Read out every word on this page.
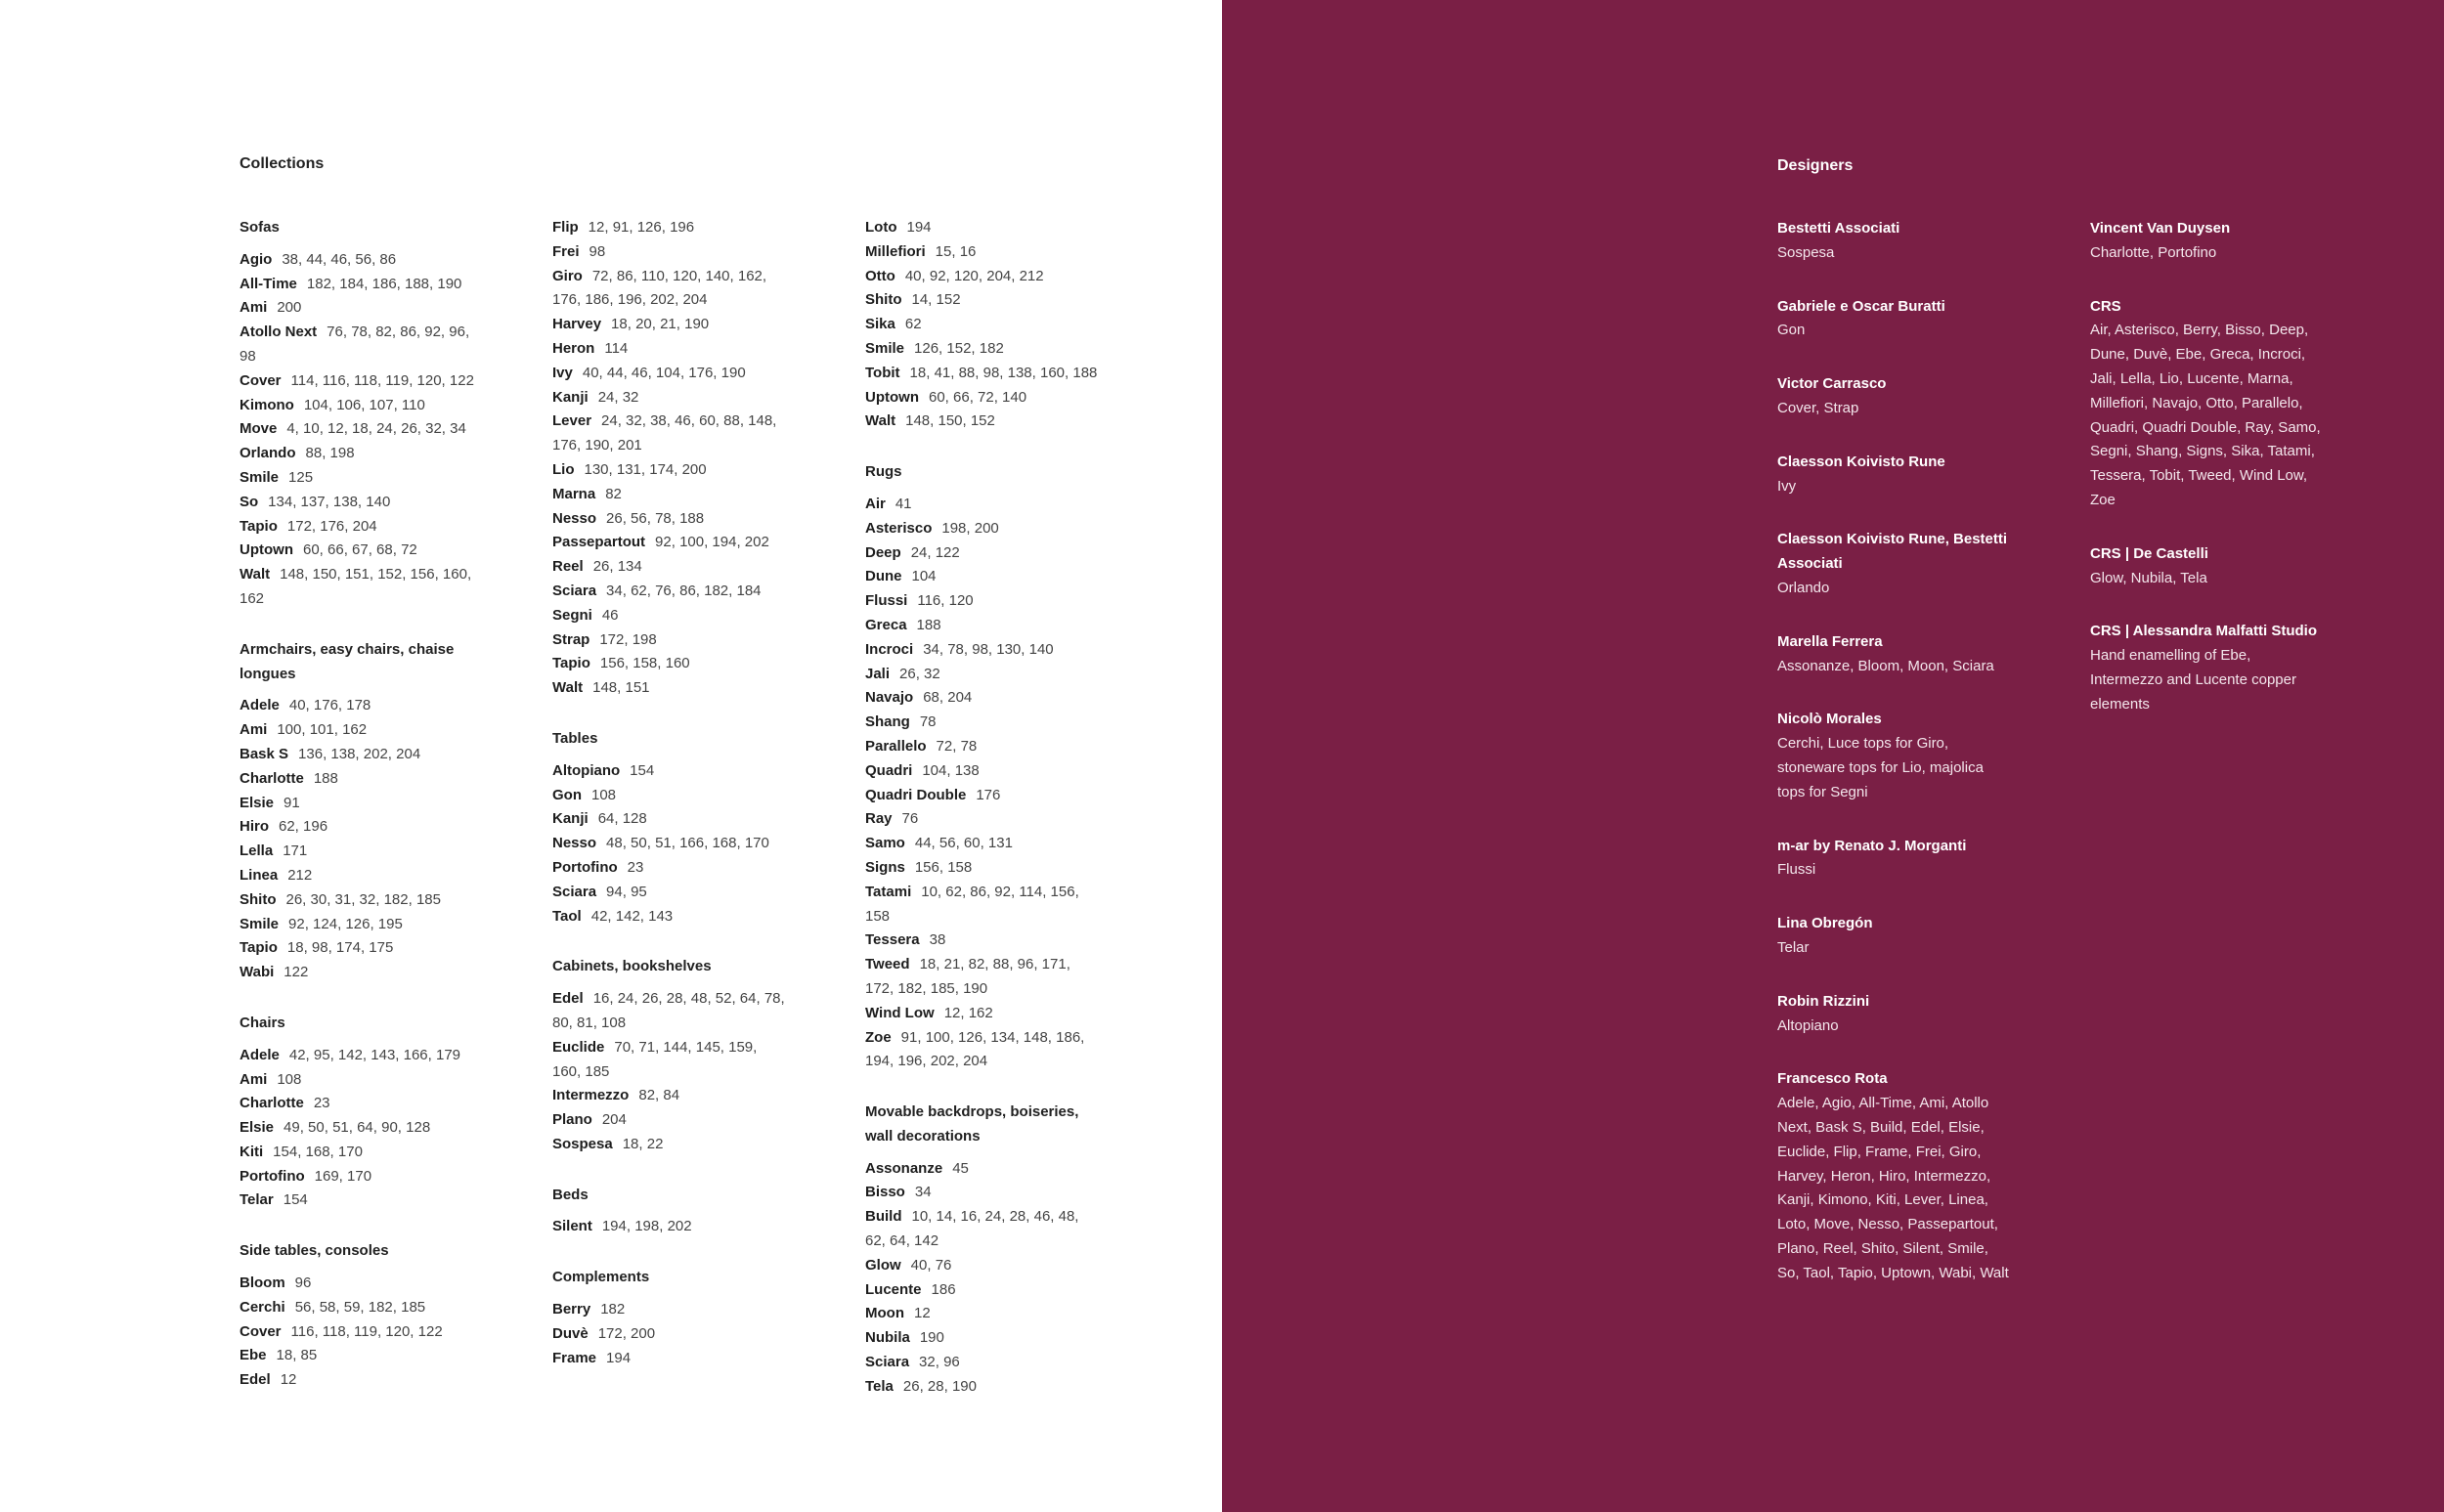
Collections
Sofas
Agio 38, 44, 46, 56, 86
All-Time 182, 184, 186, 188, 190
Ami 200
Atollo Next 76, 78, 82, 86, 92, 96, 98
Cover 114, 116, 118, 119, 120, 122
Kimono 104, 106, 107, 110
Move 4, 10, 12, 18, 24, 26, 32, 34
Orlando 88, 198
Smile 125
So 134, 137, 138, 140
Tapio 172, 176, 204
Uptown 60, 66, 67, 68, 72
Walt 148, 150, 151, 152, 156, 160, 162
Armchairs, easy chairs, chaise longues
Adele 40, 176, 178
Ami 100, 101, 162
Bask S 136, 138, 202, 204
Charlotte 188
Elsie 91
Hiro 62, 196
Lella 171
Linea 212
Shito 26, 30, 31, 32, 182, 185
Smile 92, 124, 126, 195
Tapio 18, 98, 174, 175
Wabi 122
Chairs
Adele 42, 95, 142, 143, 166, 179
Ami 108
Charlotte 23
Elsie 49, 50, 51, 64, 90, 128
Kiti 154, 168, 170
Portofino 169, 170
Telar 154
Side tables, consoles
Bloom 96
Cerchi 56, 58, 59, 182, 185
Cover 116, 118, 119, 120, 122
Ebe 18, 85
Edel 12
Flip 12, 91, 126, 196
Frei 98
Giro 72, 86, 110, 120, 140, 162, 176, 186, 196, 202, 204
Harvey 18, 20, 21, 190
Heron 114
Ivy 40, 44, 46, 104, 176, 190
Kanji 24, 32
Lever 24, 32, 38, 46, 60, 88, 148, 176, 190, 201
Lio 130, 131, 174, 200
Marna 82
Nesso 26, 56, 78, 188
Passepartout 92, 100, 194, 202
Reel 26, 134
Sciara 34, 62, 76, 86, 182, 184
Segni 46
Strap 172, 198
Tapio 156, 158, 160
Walt 148, 151
Tables
Altopiano 154
Gon 108
Kanji 64, 128
Nesso 48, 50, 51, 166, 168, 170
Portofino 23
Sciara 94, 95
Taol 42, 142, 143
Cabinets, bookshelves
Edel 16, 24, 26, 28, 48, 52, 64, 78, 80, 81, 108
Euclide 70, 71, 144, 145, 159, 160, 185
Intermezzo 82, 84
Plano 204
Sospesa 18, 22
Beds
Silent 194, 198, 202
Complements
Berry 182
Duvè 172, 200
Frame 194
Loto 194
Millefiori 15, 16
Otto 40, 92, 120, 204, 212
Shito 14, 152
Sika 62
Smile 126, 152, 182
Tobit 18, 41, 88, 98, 138, 160, 188
Uptown 60, 66, 72, 140
Walt 148, 150, 152
Rugs
Air 41
Asterisco 198, 200
Deep 24, 122
Dune 104
Flussi 116, 120
Greca 188
Incroci 34, 78, 98, 130, 140
Jali 26, 32
Navajo 68, 204
Shang 78
Parallelo 72, 78
Quadri 104, 138
Quadri Double 176
Ray 76
Samo 44, 56, 60, 131
Signs 156, 158
Tatami 10, 62, 86, 92, 114, 156, 158
Tessera 38
Tweed 18, 21, 82, 88, 96, 171, 172, 182, 185, 190
Wind Low 12, 162
Zoe 91, 100, 126, 134, 148, 186, 194, 196, 202, 204
Movable backdrops, boiseries, wall decorations
Assonanze 45
Bisso 34
Build 10, 14, 16, 24, 28, 46, 48, 62, 64, 142
Glow 40, 76
Lucente 186
Moon 12
Nubila 190
Sciara 32, 96
Tela 26, 28, 190
Designers
Bestetti Associati
Sospesa
Gabriele e Oscar Buratti
Gon
Victor Carrasco
Cover, Strap
Claesson Koivisto Rune
Ivy
Claesson Koivisto Rune, Bestetti Associati
Orlando
Marella Ferrera
Assonanze, Bloom, Moon, Sciara
Nicolò Morales
Cerchi, Luce tops for Giro, stoneware tops for Lio, majolica tops for Segni
m-ar by Renato J. Morganti
Flussi
Lina Obregón
Telar
Robin Rizzini
Altopiano
Francesco Rota
Adele, Agio, All-Time, Ami, Atollo Next, Bask S, Build, Edel, Elsie, Euclide, Flip, Frame, Frei, Giro, Harvey, Heron, Hiro, Intermezzo, Kanji, Kimono, Kiti, Lever, Linea, Loto, Move, Nesso, Passepartout, Plano, Reel, Shito, Silent, Smile, So, Taol, Tapio, Uptown, Wabi, Walt
Vincent Van Duysen
Charlotte, Portofino
CRS
Air, Asterisco, Berry, Bisso, Deep, Dune, Duvè, Ebe, Greca, Incroci, Jali, Lella, Lio, Lucente, Marna, Millefiori, Navajo, Otto, Parallelo, Quadri, Quadri Double, Ray, Samo, Segni, Shang, Signs, Sika, Tatami, Tessera, Tobit, Tweed, Wind Low, Zoe
CRS | De Castelli
Glow, Nubila, Tela
CRS | Alessandra Malfatti Studio
Hand enamelling of Ebe, Intermezzo and Lucente copper elements
